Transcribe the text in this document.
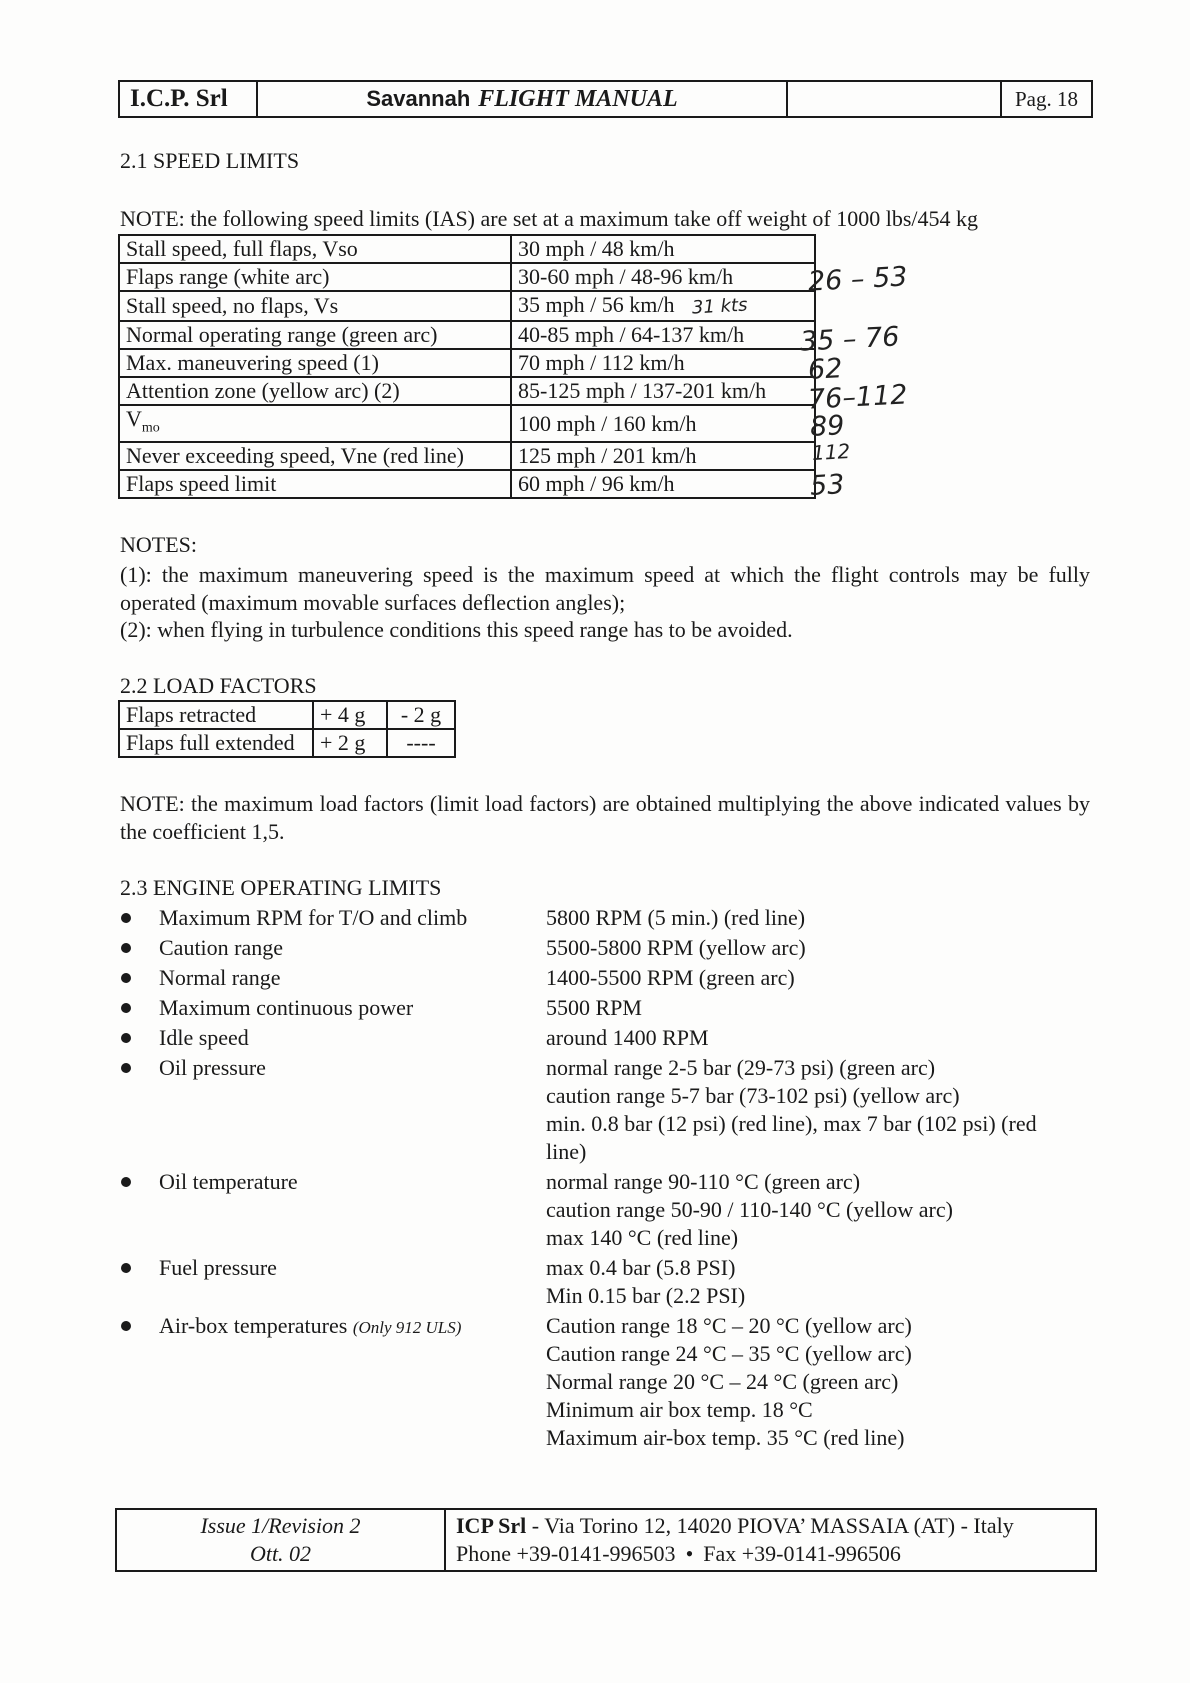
I.C.P. Srl	Savannah FLIGHT MANUAL	Pag. 18
2.1 SPEED LIMITS
NOTE: the following speed limits (IAS) are set at a maximum take off weight of 1000 lbs/454 kg
Stall speed, full flaps, Vso	30 mph / 48 km/h
Flaps range (white arc)	30-60 mph / 48-96 km/h
Stall speed, no flaps, Vs	35 mph / 56 km/h 31 kts
Normal operating range (green arc)	40-85 mph / 64-137 km/h
Max. maneuvering speed (1)	70 mph / 112 km/h
Attention zone (yellow arc) (2)	85-125 mph / 137-201 km/h
$V_{mo}$	100 mph / 160 km/h
Never exceeding speed, Vne (red line)	125 mph / 201 km/h
Flaps speed limit	60 mph / 96 km/h
26 – 53
35 – 76
62
76–112
89
112
53
NOTES:
(1): the maximum maneuvering speed is the maximum speed at which the flight controls may be fully operated (maximum movable surfaces deflection angles);
(2): when flying in turbulence conditions this speed range has to be avoided.
2.2 LOAD FACTORS
Flaps retracted	+ 4 g	- 2 g
Flaps full extended	+ 2 g	----
NOTE: the maximum load factors (limit load factors) are obtained multiplying the above indicated values by the coefficient 1,5.
2.3 ENGINE OPERATING LIMITS
Maximum RPM for T/O and climb	5800 RPM (5 min.) (red line)
Caution range	5500-5800 RPM (yellow arc)
Normal range	1400-5500 RPM (green arc)
Maximum continuous power	5500 RPM
Idle speed	around 1400 RPM
Oil pressure	normal range 2-5 bar (29-73 psi) (green arc)
caution range 5-7 bar (73-102 psi) (yellow arc)
min. 0.8 bar (12 psi) (red line), max 7 bar (102 psi) (red
line)
Oil temperature	normal range 90-110 °C (green arc)
caution range 50-90 / 110-140 °C (yellow arc)
max 140 °C (red line)
Fuel pressure	max 0.4 bar (5.8 PSI)
Min 0.15 bar (2.2 PSI)
Air-box temperatures (Only 912 ULS)	Caution range 18 °C – 20 °C (yellow arc)
Caution range 24 °C – 35 °C (yellow arc)
Normal range 20 °C – 24 °C (green arc)
Minimum air box temp. 18 °C
Maximum air-box temp. 35 °C (red line)
Issue 1/Revision 2
Ott. 02
ICP Srl - Via Torino 12, 14020 PIOVA’ MASSAIA (AT) - Italy
Phone +39-0141-996503 • Fax +39-0141-996506
